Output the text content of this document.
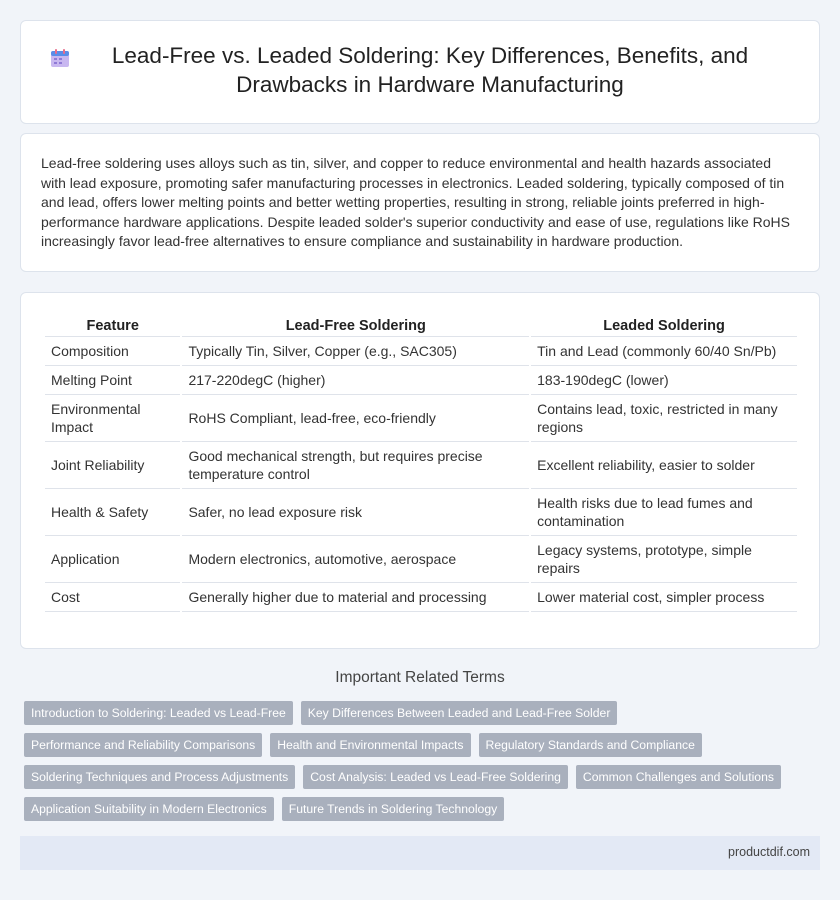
Lead-Free vs. Leaded Soldering: Key Differences, Benefits, and Drawbacks in Hardware Manufacturing

Lead-free soldering uses alloys such as tin, silver, and copper to reduce environmental and health hazards associated with lead exposure, promoting safer manufacturing processes in electronics. Leaded soldering, typically composed of tin and lead, offers lower melting points and better wetting properties, resulting in strong, reliable joints preferred in high-performance hardware applications. Despite leaded solder's superior conductivity and ease of use, regulations like RoHS increasingly favor lead-free alternatives to ensure compliance and sustainability in hardware production.

Feature	Lead-Free Soldering	Leaded Soldering
Composition	Typically Tin, Silver, Copper (e.g., SAC305)	Tin and Lead (commonly 60/40 Sn/Pb)
Melting Point	217-220degC (higher)	183-190degC (lower)
Environmental Impact	RoHS Compliant, lead-free, eco-friendly	Contains lead, toxic, restricted in many regions
Joint Reliability	Good mechanical strength, but requires precise temperature control	Excellent reliability, easier to solder
Health & Safety	Safer, no lead exposure risk	Health risks due to lead fumes and contamination
Application	Modern electronics, automotive, aerospace	Legacy systems, prototype, simple repairs
Cost	Generally higher due to material and processing	Lower material cost, simpler process
Important Related Terms
Introduction to Soldering: Leaded vs Lead-Free	Key Differences Between Leaded and Lead-Free Solder
Performance and Reliability Comparisons	Health and Environmental Impacts	Regulatory Standards and Compliance
Soldering Techniques and Process Adjustments	Cost Analysis: Leaded vs Lead-Free Soldering	Common Challenges and Solutions
Application Suitability in Modern Electronics	Future Trends in Soldering Technology
productdif.com
